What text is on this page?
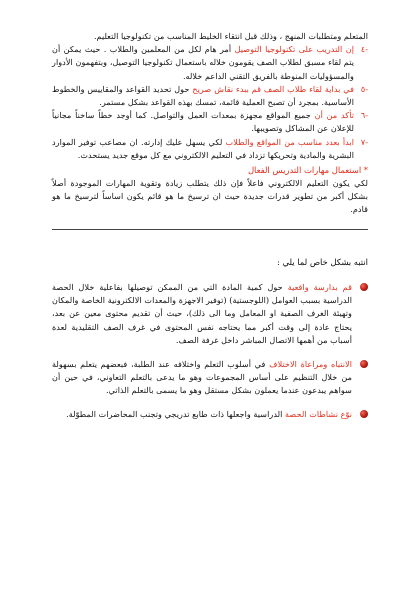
المتعلم ومتطلبات المنهج ، وذلك قبل انتقاء الخليط المناسب من تكنولوجيا التعليم.
-٤
إن التدريب على تكنولوجيا التوصيل أمر هام لكل من المعلمين والطلاب . حيث يمكن أن يتم لقاء مسبق لطلاب الصف يقومون خلاله باستعمال تكنولوجيا التوصيل، وبتفهمون الأدوار والمسؤوليات المنوطة بالفريق التقني الداعم خلاله.
-٥
في بداية لقاء طلاب الصف قم ببدء نقاش صريح حول تحديد القواعد والمقاييس والخطوط الأساسية. بمجرد أن تصبح العملية قائمة، تمسك بهذه القواعد بشكل مستمر.
-٦
تأكد من أن جميع المواقع مجهزة بمعدات العمل والتواصل. كما أوجد خطاً ساخناً مجانياً للإعلان عن المشاكل وتصويبها.
-٧
ابدأ بعدد مناسب من المواقع والطلاب لكي يسهل عليك إدارته. ان مصاعب توفير الموارد البشرية والمادية وتحريكها تزداد في التعليم الالكتروني مع كل موقع جديد يستحدث.
* استعمال مهارات التدريس الفعال
لكي يكون التعليم الالكتروني فاعلاً فإن ذلك يتطلب زيادة وتقوية المهارات الموجودة أصلاً بشكل أكبر من تطوير قدرات جديدة حيث ان ترسيخ ما هو قائم يكون اساساً لترسيخ ما هو قادم.
انتبه بشكل خاص لما يلي :
قم بدارسة واقعية حول كمية المادة التي من الممكن توصيلها بفاعلية خلال الحصة الدراسية بسبب العوامل (اللوجستية) (توفير الاجهزة والمعدات الالكترونية الخاصة والمكان وتهيئة الغرف الصفية او المعامل وما الى ذلك)، حيث أن تقديم محتوى معين عن بعد، يحتاج عادة إلى وقت أكبر مما يحتاجه نفس المحتوى في غرف الصف التقليدية لعدة أسباب من أهمها الاتصال المباشر داخل غرفة الصف.
الانتباه ومراعاة الاختلاف في أسلوب التعلم واختلافه عند الطلبة، فبعضهم يتعلم بسهولة من خلال التنظيم على أساس المجموعات وهو ما يدعى بالتعلم التعاوني، في حين أن سواهم يبدعون عندما يعملون بشكل مستقل وهو ما يسمى بالتعلم الذاتي.
نوّع نشاطات الحصة الدراسية واجعلها ذات طابع تدريجي وتجنب المحاضرات المطوّلة.
